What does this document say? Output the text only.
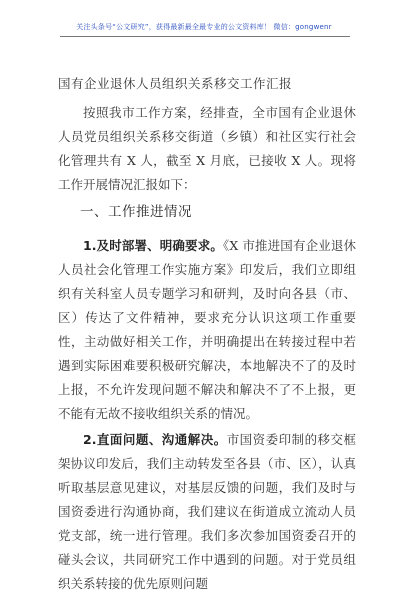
关注头条号“公文研究”，获得最新最全最专业的公文资料库！ 微信：gongwenr
国有企业退休人员组织关系移交工作汇报
按照我市工作方案，经排查，全市国有企业退休人员党员组织关系移交街道（乡镇）和社区实行社会化管理共有 X 人，截至 X 月底，已接收 X 人。现将工作开展情况汇报如下：
一、工作推进情况
1.及时部署、明确要求。《X 市推进国有企业退休人员社会化管理工作实施方案》印发后，我们立即组织有关科室人员专题学习和研判，及时向各县（市、区）传达了文件精神，要求充分认识这项工作重要性，主动做好相关工作，并明确提出在转接过程中若遇到实际困难要积极研究解决，本地解决不了的及时上报，不允许发现问题不解决和解决不了不上报，更不能有无故不接收组织关系的情况。
2.直面问题、沟通解决。市国资委印制的移交框架协议印发后，我们主动转发至各县（市、区），认真听取基层意见建议，对基层反馈的问题，我们及时与国资委进行沟通协商，我们建议在街道成立流动人员党支部，统一进行管理。我们多次参加国资委召开的碰头会议，共同研究工作中遇到的问题。对于党员组织关系转接的优先原则问题
